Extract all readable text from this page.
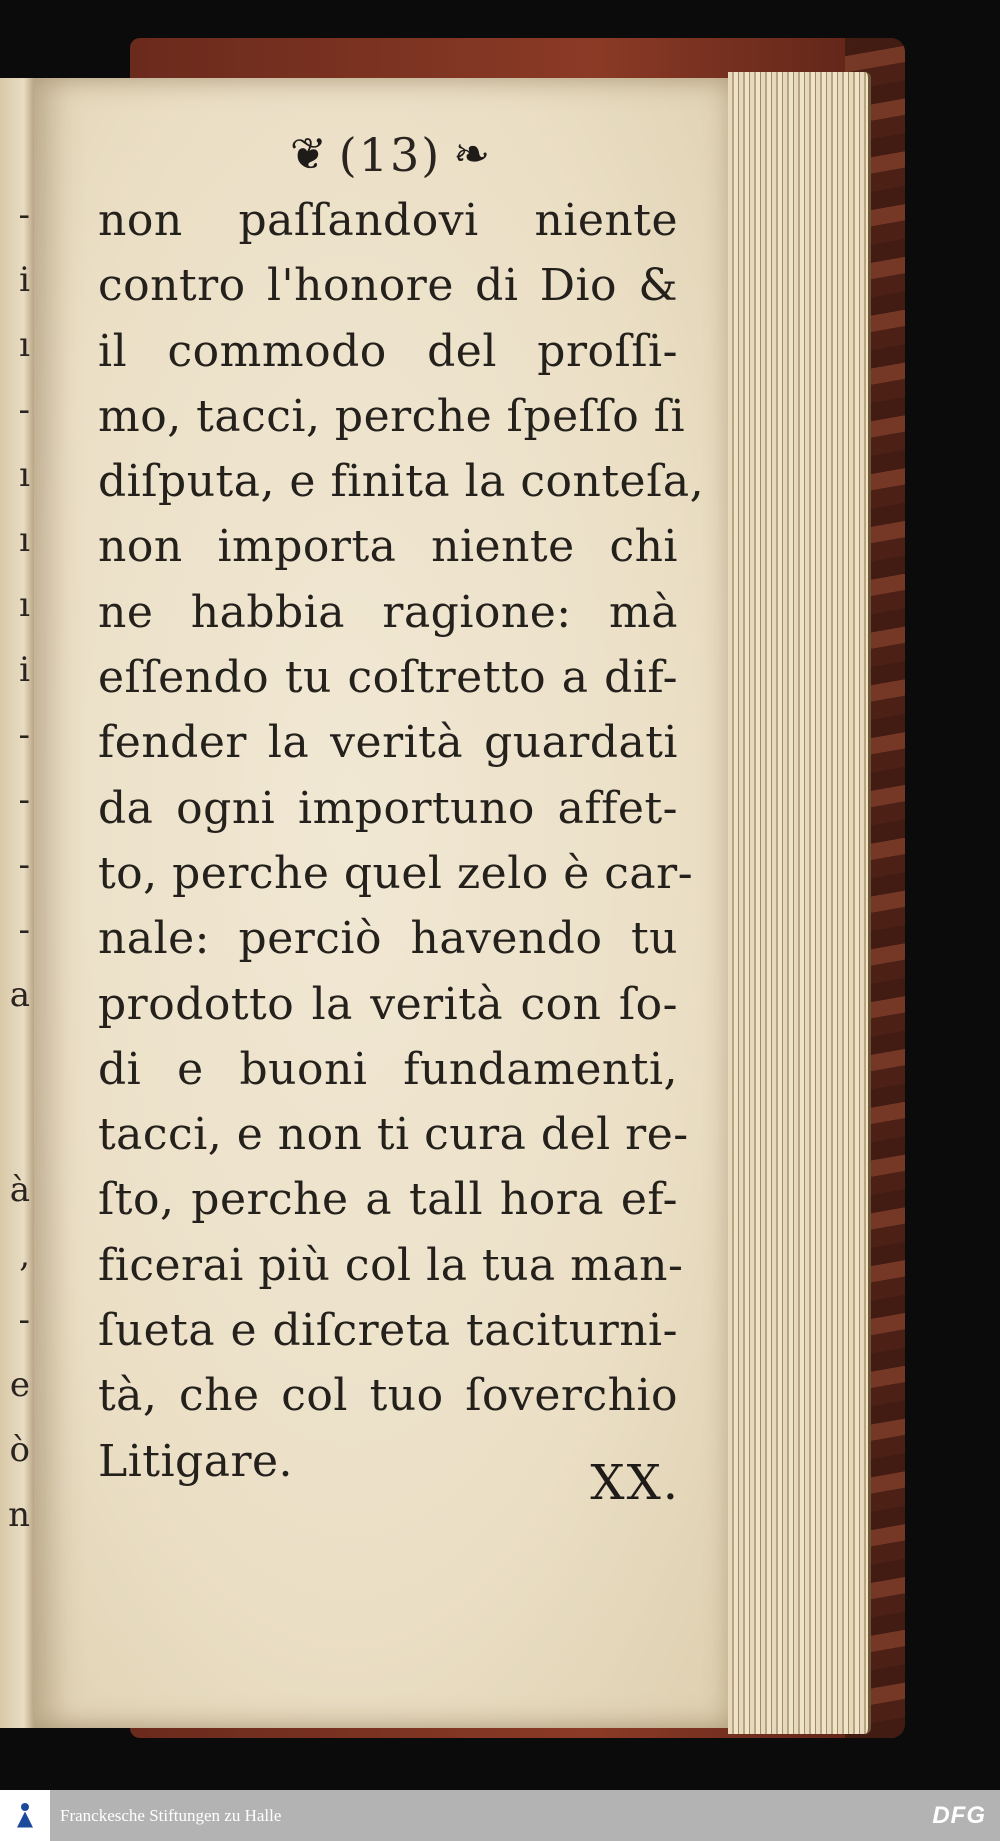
-
i
ı
-
ı
ı
ı
i
-
-
-
-
a
à
,
-
e
ò
n
❦ (13) ❧
non paſſandovi niente
contro l'honore di Dio &
il commodo del proſſi-
mo, tacci, perche ſpeſſo ſi
diſputa, e finita la conteſa,
non importa niente chi
ne habbia ragione: mà
eſſendo tu coſtretto a dif-
fender la verità guardati
da ogni importuno affet-
to, perche quel zelo è car-
nale: perciò havendo tu
prodotto la verità con ſo-
di e buoni fundamenti,
tacci, e non ti cura del re-
ſto, perche a tall hora ef-
ficerai più col la tua man-
ſueta e diſcreta taciturni-
tà, che col tuo ſoverchio
Litigare.	XX.
Franckesche Stiftungen zu Halle	DFG
